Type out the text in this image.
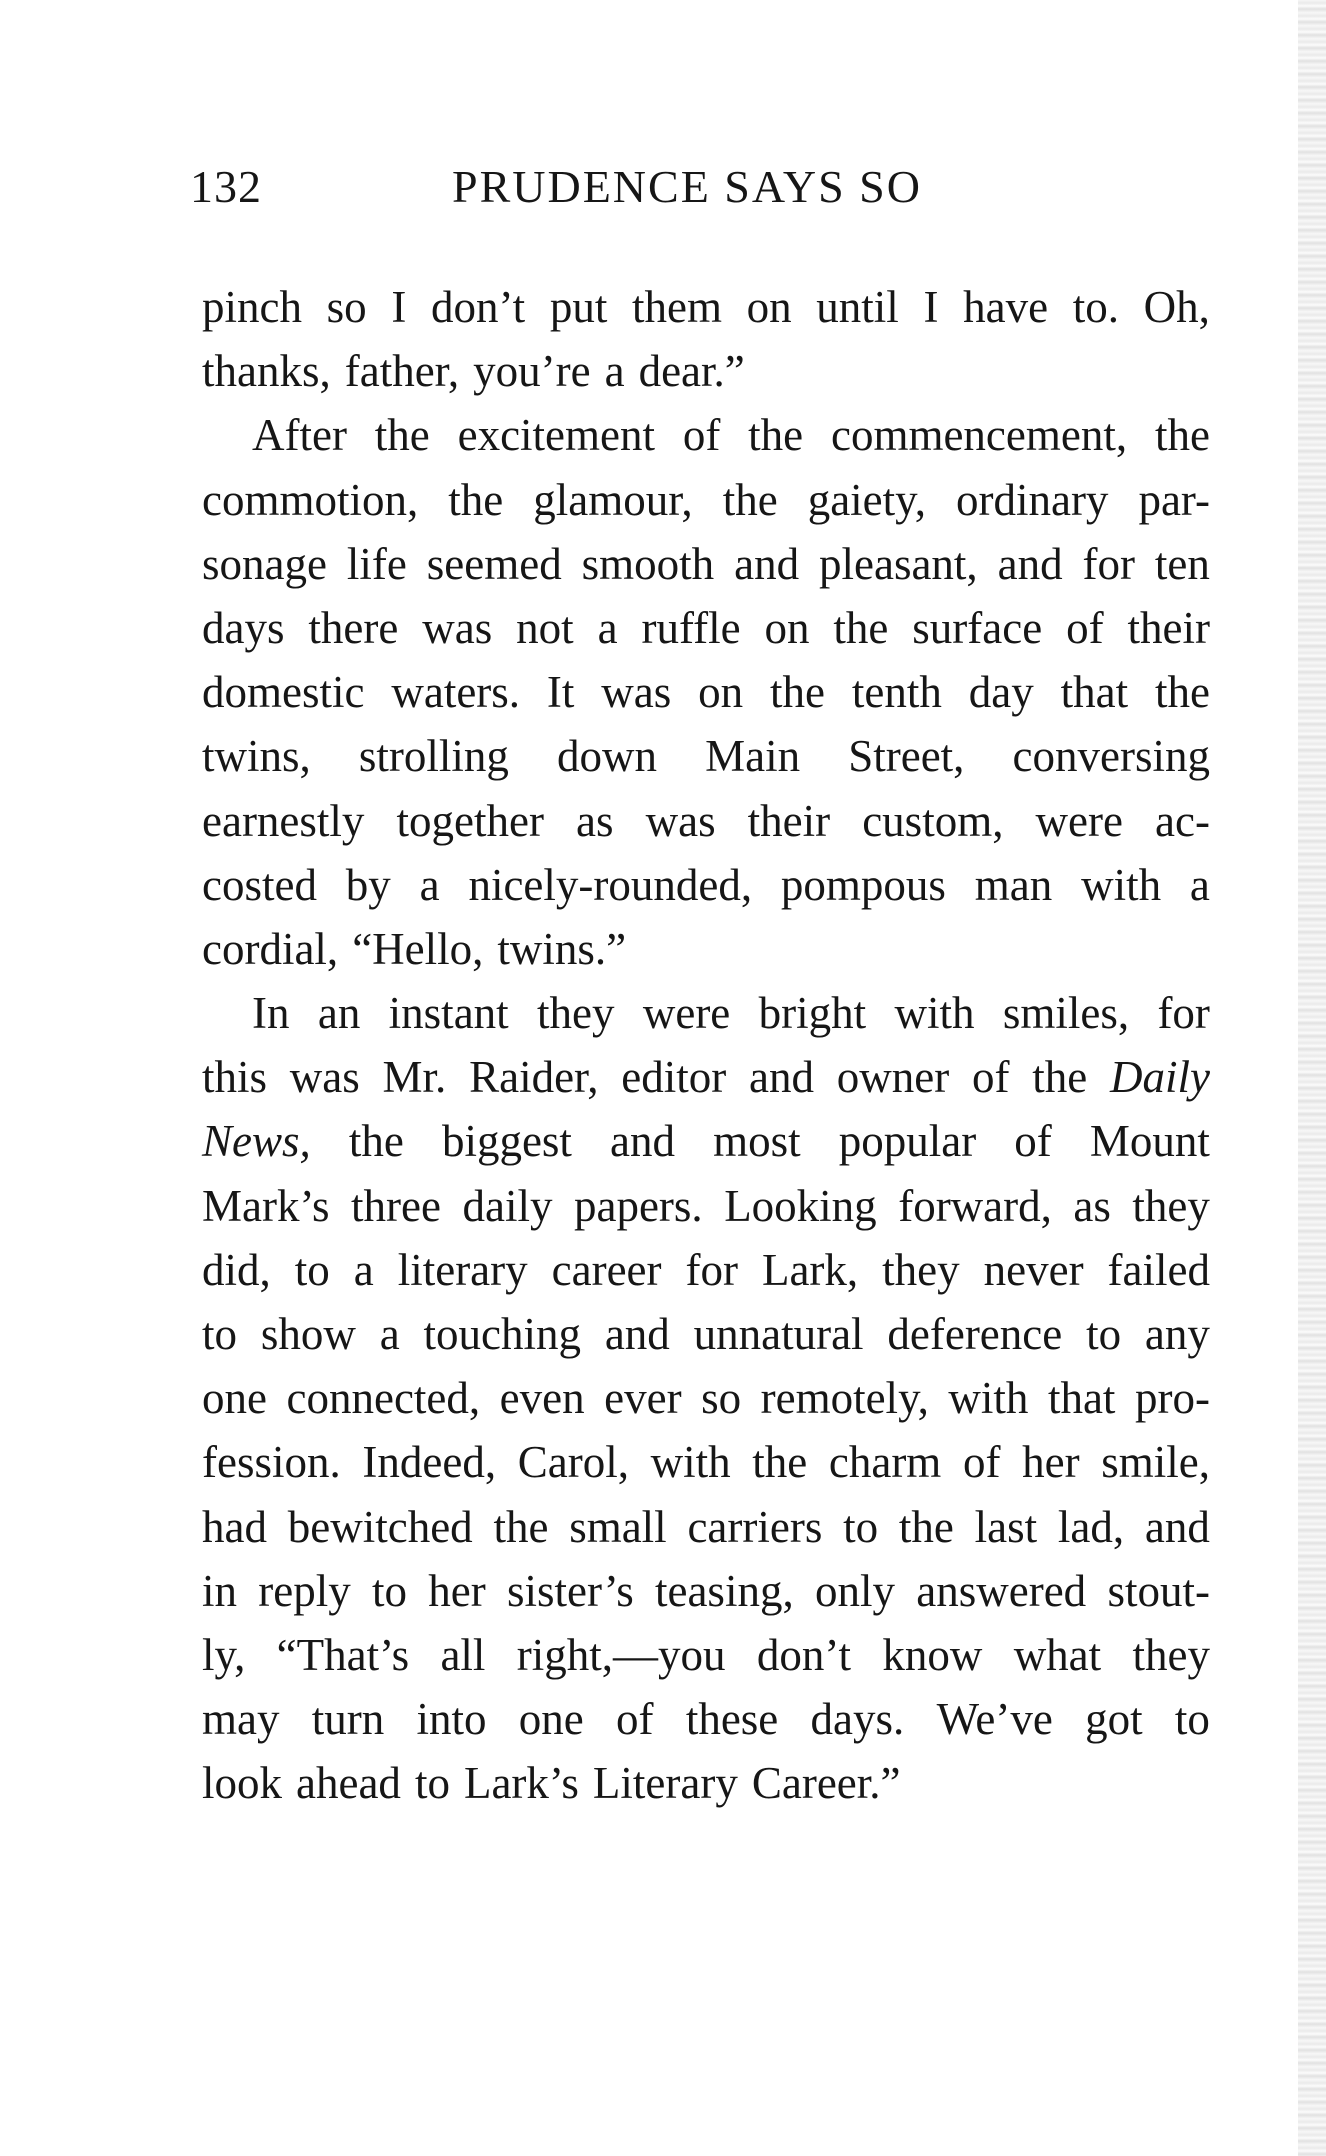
132	PRUDENCE SAYS SO
pinch so I don’t put them on until I have to. Oh,
thanks, father, you’re a dear.”
After the excitement of the commencement, the
commotion, the glamour, the gaiety, ordinary par-
sonage life seemed smooth and pleasant, and for ten
days there was not a ruffle on the surface of their
domestic waters. It was on the tenth day that the
twins, strolling down Main Street, conversing
earnestly together as was their custom, were ac-
costed by a nicely-rounded, pompous man with a
cordial, “Hello, twins.”
In an instant they were bright with smiles, for
this was Mr. Raider, editor and owner of the Daily
News, the biggest and most popular of Mount
Mark’s three daily papers. Looking forward, as they
did, to a literary career for Lark, they never failed
to show a touching and unnatural deference to any
one connected, even ever so remotely, with that pro-
fession. Indeed, Carol, with the charm of her smile,
had bewitched the small carriers to the last lad, and
in reply to her sister’s teasing, only answered stout-
ly, “That’s all right,—you don’t know what they
may turn into one of these days. We’ve got to
look ahead to Lark’s Literary Career.”
